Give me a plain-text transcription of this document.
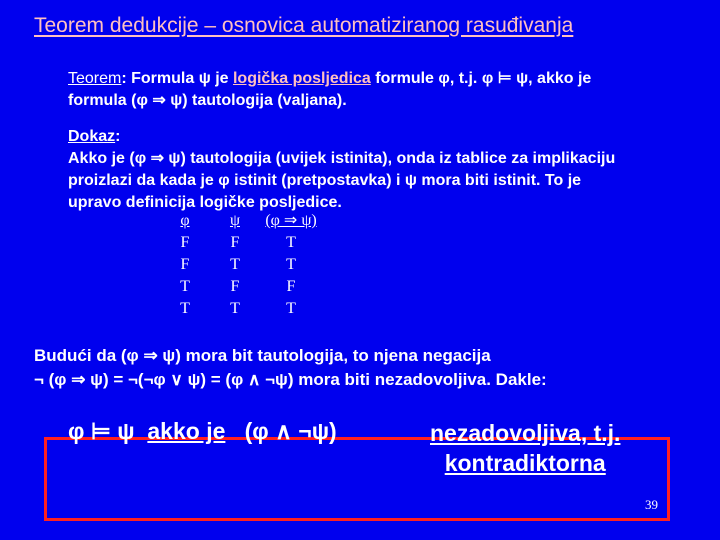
Teorem dedukcije – osnovica automatiziranog rasuđivanja
Teorem: Formula ψ je logička posljedica formule φ, t.j. φ ⊨ ψ, akko je
formula (φ ⇒ ψ) tautologija (valjana).
Dokaz:
Akko je (φ ⇒ ψ) tautologija (uvijek istinita), onda iz tablice za implikaciju
proizlazi da kada je φ istinit (pretpostavka) i ψ mora biti istinit. To je
upravo definicija logičke posljedice.
φ	ψ	(φ ⇒ ψ)
F	F	T
F	T	T
T	F	F
T	T	T
Budući da (φ ⇒ ψ) mora bit tautologija, to njena negacija
¬ (φ ⇒ ψ) = ¬(¬φ ∨ ψ) = (φ ∧ ¬ψ) mora biti nezadovoljiva. Dakle:
φ ⊨ ψ akko je (φ ∧ ¬ψ)	nezadovoljiva, t.j.
kontradiktorna
39
